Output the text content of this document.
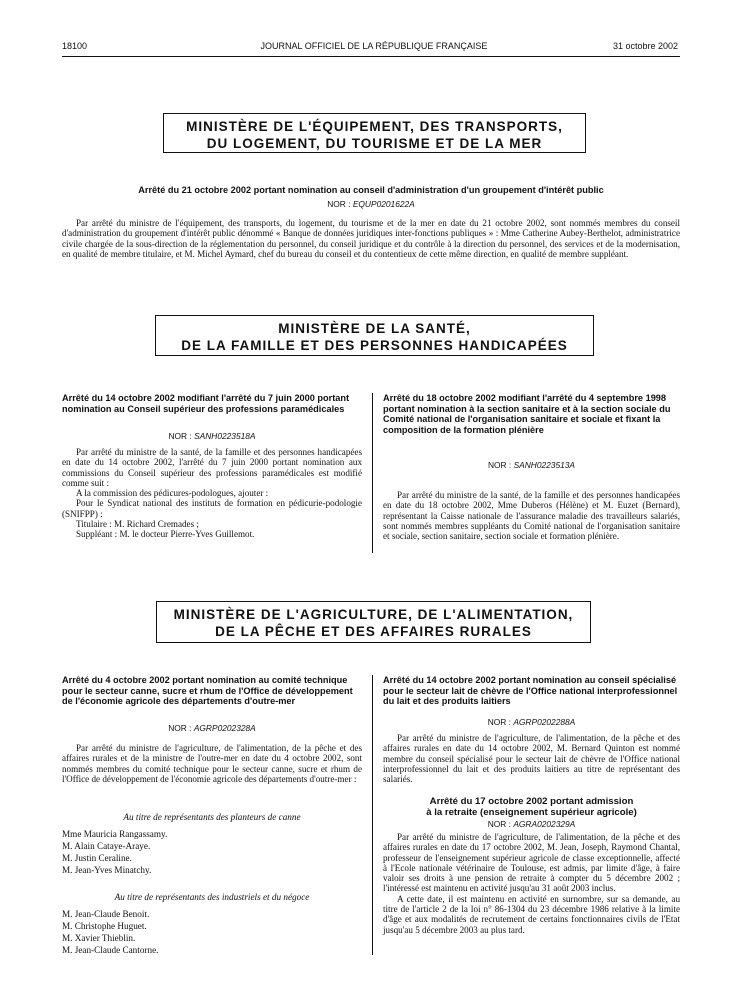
18100	JOURNAL OFFICIEL DE LA RÉPUBLIQUE FRANÇAISE	31 octobre 2002
MINISTÈRE DE L'ÉQUIPEMENT, DES TRANSPORTS,
DU LOGEMENT, DU TOURISME ET DE LA MER
Arrêté du 21 octobre 2002 portant nomination au conseil d'administration d'un groupement d'intérêt public
NOR : EQUP0201622A

Par arrêté du ministre de l'équipement, des transports, du logement, du tourisme et de la mer en date du 21 octobre 2002, sont nommés membres du conseil d'administration du groupement d'intérêt public dénommé « Banque de données juridiques inter-fonctions publiques » : Mme Catherine Aubey-Berthelot, administratrice civile chargée de la sous-direction de la réglementation du personnel, du conseil juridique et du contrôle à la direction du personnel, des services et de la modernisation, en qualité de membre titulaire, et M. Michel Aymard, chef du bureau du conseil et du contentieux de cette même direction, en qualité de membre suppléant.

MINISTÈRE DE LA SANTÉ,
DE LA FAMILLE ET DES PERSONNES HANDICAPÉES
Arrêté du 14 octobre 2002 modifiant l'arrêté du 7 juin 2000 portant nomination au Conseil supérieur des professions paramédicales
NOR : SANH0223518A

Par arrêté du ministre de la santé, de la famille et des personnes handicapées en date du 14 octobre 2002, l'arrêté du 7 juin 2000 portant nomination aux commissions du Conseil supérieur des professions paramédicales est modifié comme suit :

A la commission des pédicures-podologues, ajouter :

Pour le Syndicat national des instituts de formation en pédicurie-podologie (SNIFPP) :

Titulaire : M. Richard Cremades ;

Suppléant : M. le docteur Pierre-Yves Guillemot.

Arrêté du 18 octobre 2002 modifiant l'arrêté du 4 septembre 1998 portant nomination à la section sanitaire et à la section sociale du Comité national de l'organisation sanitaire et sociale et fixant la composition de la formation plénière
NOR : SANH0223513A

Par arrêté du ministre de la santé, de la famille et des personnes handicapées en date du 18 octobre 2002, Mme Duberos (Hélène) et M. Euzet (Bernard), représentant la Caisse nationale de l'assurance maladie des travailleurs salariés, sont nommés membres suppléants du Comité national de l'organisation sanitaire et sociale, section sanitaire, section sociale et formation plénière.

MINISTÈRE DE L'AGRICULTURE, DE L'ALIMENTATION,
DE LA PÊCHE ET DES AFFAIRES RURALES
Arrêté du 4 octobre 2002 portant nomination au comité technique pour le secteur canne, sucre et rhum de l'Office de développement de l'économie agricole des départements d'outre-mer
NOR : AGRP0202328A

Par arrêté du ministre de l'agriculture, de l'alimentation, de la pêche et des affaires rurales et de la ministre de l'outre-mer en date du 4 octobre 2002, sont nommés membres du comité technique pour le secteur canne, sucre et rhum de l'Office de développement de l'économie agricole des départements d'outre-mer :

Au titre de représentants des planteurs de canne
Mme Mauricia Rangassamy.
M. Alain Cataye-Araye.
M. Justin Ceraline.
M. Jean-Yves Minatchy.
Au titre de représentants des industriels et du négoce
M. Jean-Claude Benoit.
M. Christophe Huguet.
M. Xavier Thieblin.
M. Jean-Claude Cantorne.
Arrêté du 14 octobre 2002 portant nomination au conseil spécialisé pour le secteur lait de chèvre de l'Office national interprofessionnel du lait et des produits laitiers
NOR : AGRP0202288A

Par arrêté du ministre de l'agriculture, de l'alimentation, de la pêche et des affaires rurales en date du 14 octobre 2002, M. Bernard Quinton est nommé membre du conseil spécialisé pour le secteur lait de chèvre de l'Office national interprofessionnel du lait et des produits laitiers au titre de représentant des salariés.

Arrêté du 17 octobre 2002 portant admission
à la retraite (enseignement supérieur agricole)
NOR : AGRA0202329A

Par arrêté du ministre de l'agriculture, de l'alimentation, de la pêche et des affaires rurales en date du 17 octobre 2002, M. Jean, Joseph, Raymond Chantal, professeur de l'enseignement supérieur agricole de classe exceptionnelle, affecté à l'Ecole nationale vétérinaire de Toulouse, est admis, par limite d'âge, à faire valoir ses droits à une pension de retraite à compter du 5 décembre 2002 ; l'intéressé est maintenu en activité jusqu'au 31 août 2003 inclus.

A cette date, il est maintenu en activité en surnombre, sur sa demande, au titre de l'article 2 de la loi n° 86-1304 du 23 décembre 1986 relative à la limite d'âge et aux modalités de recrutement de certains fonctionnaires civils de l'Etat jusqu'au 5 décembre 2003 au plus tard.
